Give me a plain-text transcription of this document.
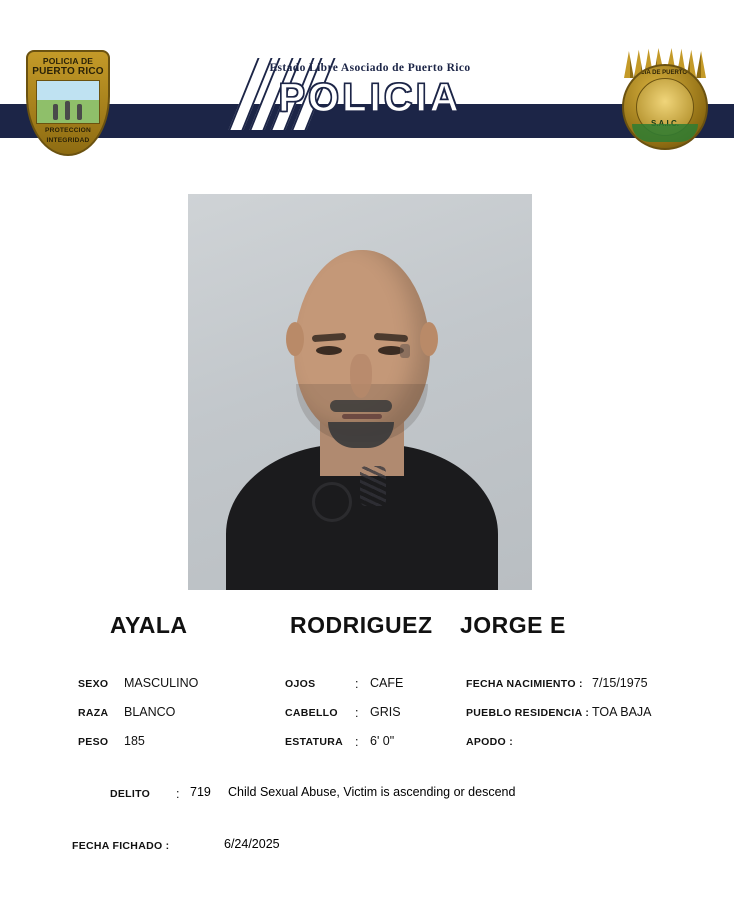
POLICIA DE
PUERTO RICO
PROTECCION
INTEGRIDAD
Estado Libre Asociado de Puerto Rico
POLICIA
POLICIA DE PUERTO RICO
AYALA	RODRIGUEZ	JORGE E
SEXO MASCULINO	OJOS	: CAFE	FECHA NACIMIENTO : 7/15/1975
RAZA BLANCO	CABELLO : GRIS	PUEBLO RESIDENCIA : TOA BAJA
PESO 185	ESTATURA : 6' 0"	APODO :
DELITO : 719 Child Sexual Abuse, Victim is ascending or descend
FECHA FICHADO :	6/24/2025
